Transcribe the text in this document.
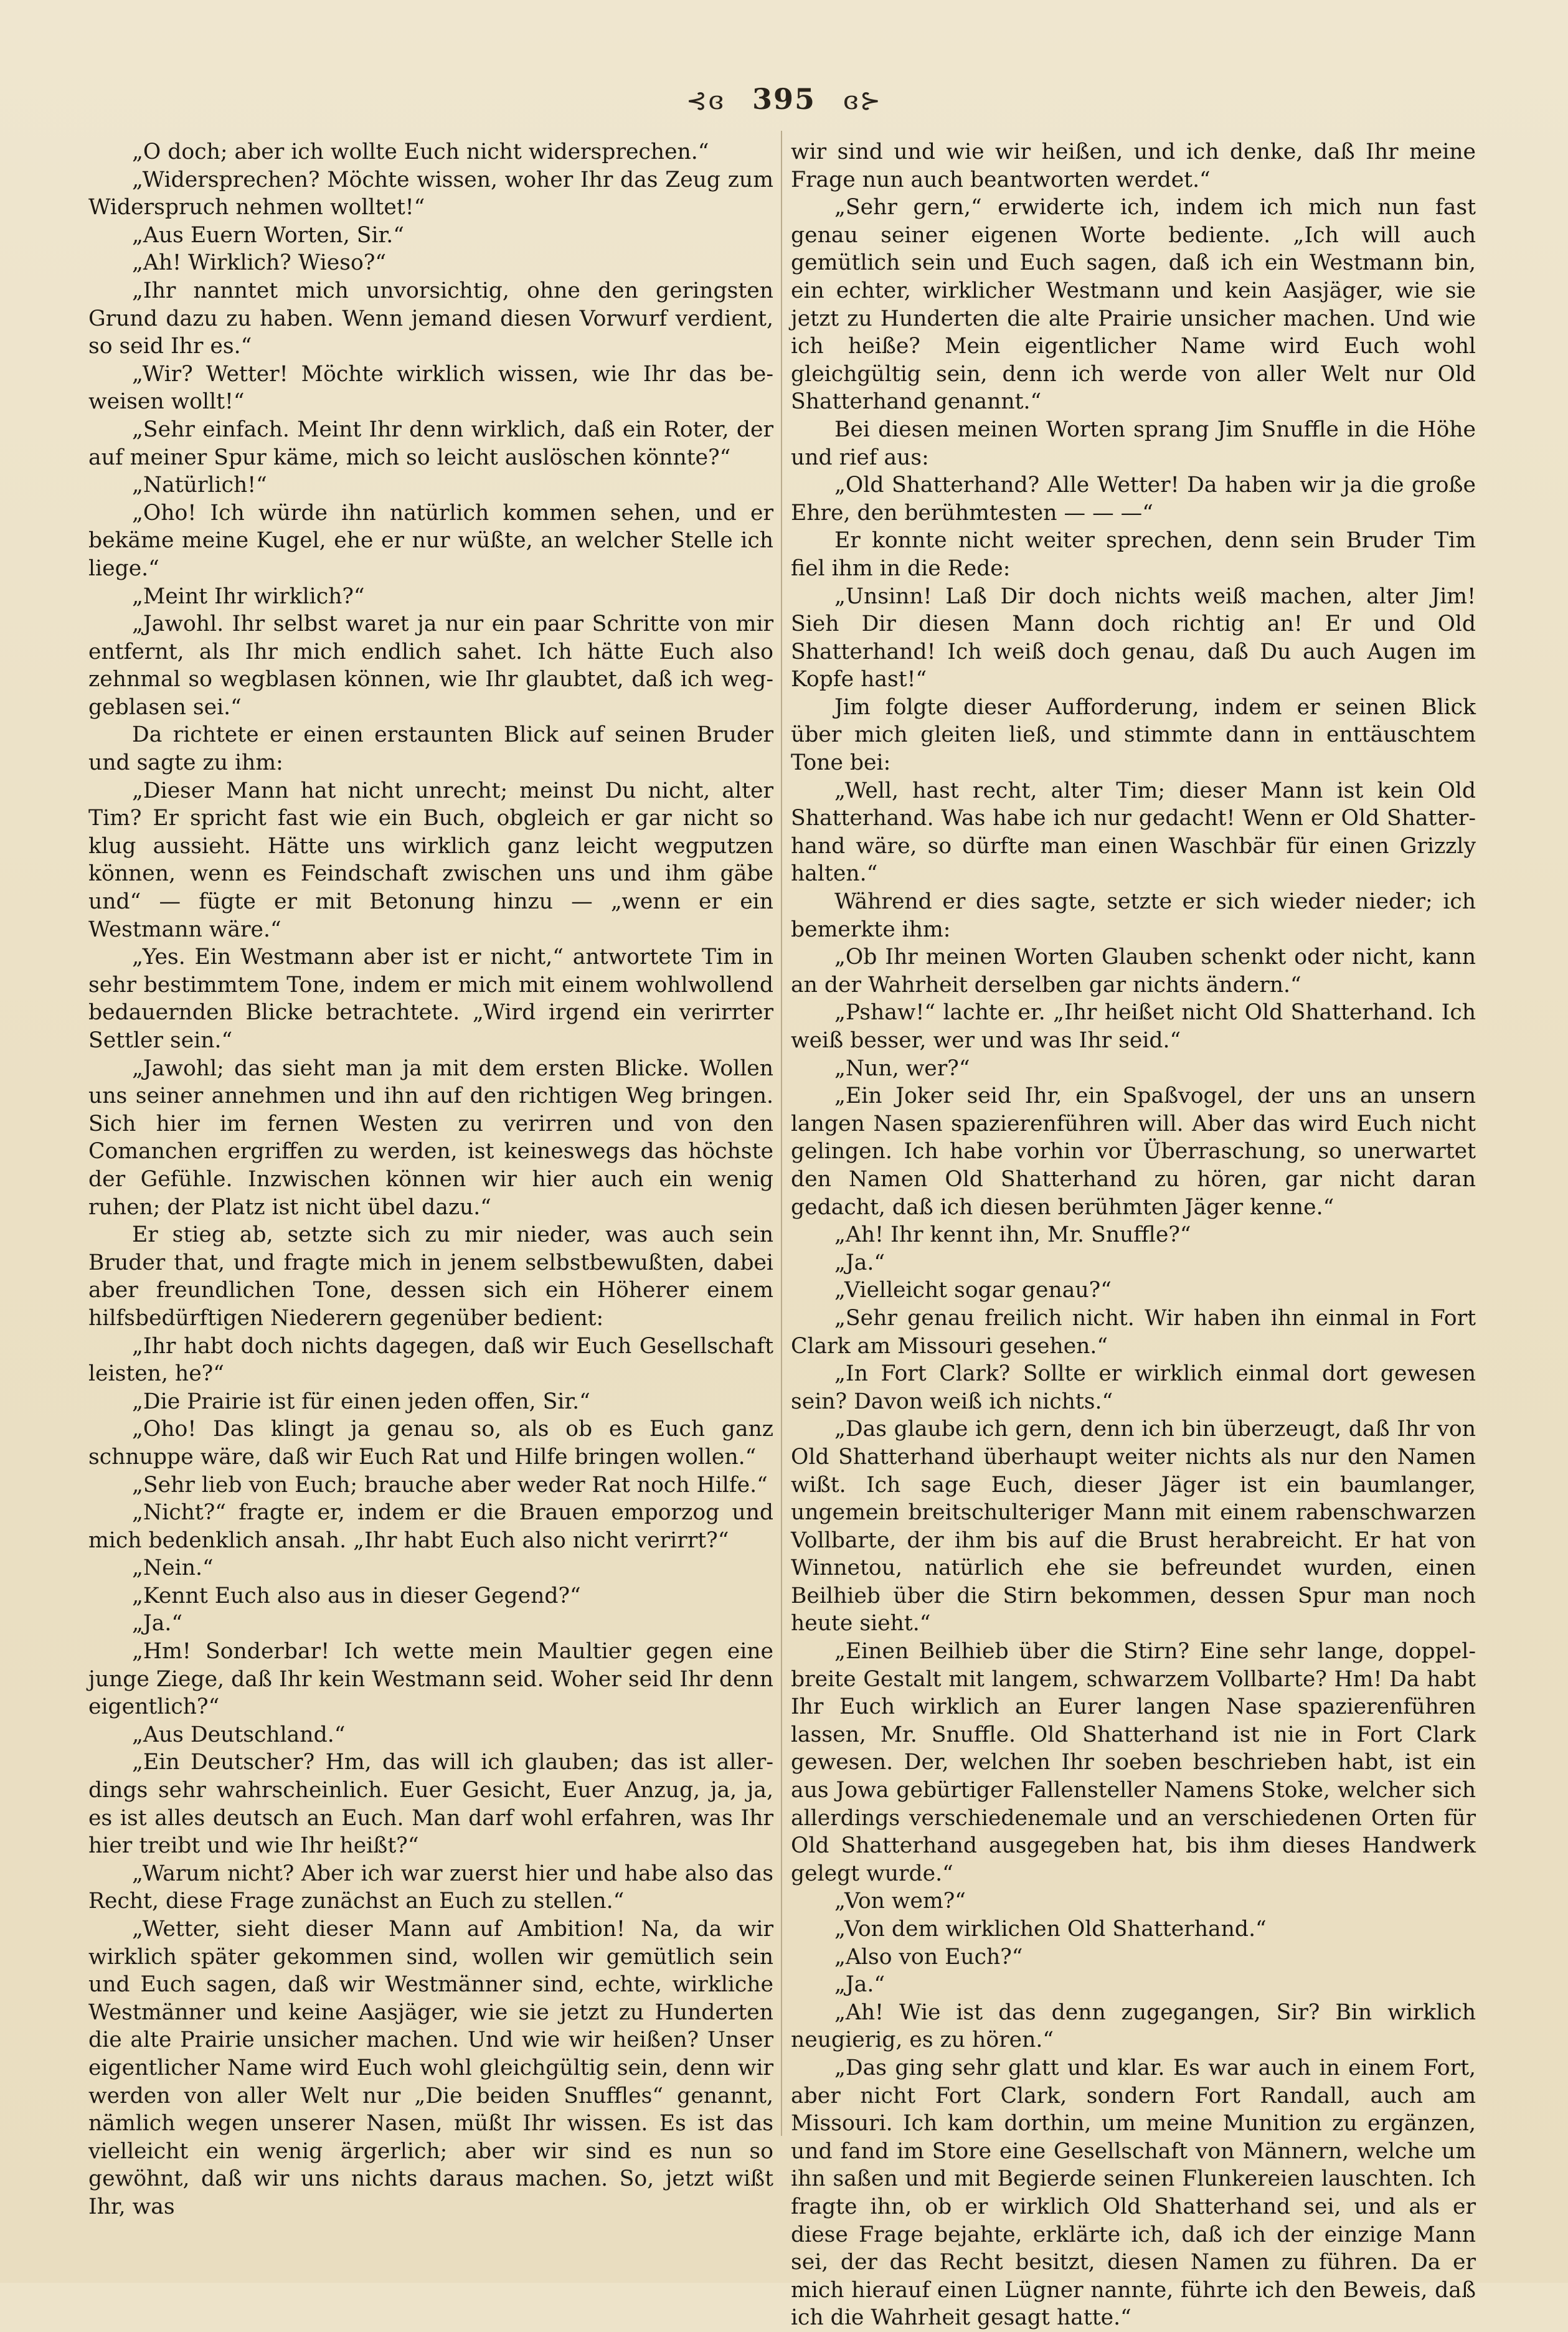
⊰ɞ 395 ɞ⊱

„O doch; aber ich wollte Euch nicht widersprechen.“

„Widersprechen? Möchte wissen, woher Ihr das Zeug zum Widerspruch nehmen wolltet!“

„Aus Euern Worten, Sir.“

„Ah! Wirklich? Wieso?“

„Ihr nanntet mich unvorsichtig, ohne den geringsten Grund dazu zu haben. Wenn jemand diesen Vorwurf verdient, so seid Ihr es.“

„Wir? Wetter! Möchte wirklich wissen, wie Ihr das beweisen wollt!“

„Sehr einfach. Meint Ihr denn wirklich, daß ein Roter, der auf meiner Spur käme, mich so leicht auslöschen könnte?“

„Natürlich!“

„Oho! Ich würde ihn natürlich kommen sehen, und er bekäme meine Kugel, ehe er nur wüßte, an welcher Stelle ich liege.“

„Meint Ihr wirklich?“

„Jawohl. Ihr selbst waret ja nur ein paar Schritte von mir entfernt, als Ihr mich endlich sahet. Ich hätte Euch also zehnmal so wegblasen können, wie Ihr glaubtet, daß ich weggeblasen sei.“

Da richtete er einen erstaunten Blick auf seinen Bruder und sagte zu ihm:

„Dieser Mann hat nicht unrecht; meinst Du nicht, alter Tim? Er spricht fast wie ein Buch, obgleich er gar nicht so klug aussieht. Hätte uns wirklich ganz leicht wegputzen können, wenn es Feindschaft zwischen uns und ihm gäbe und“ — fügte er mit Betonung hinzu — „wenn er ein Westmann wäre.“

„Yes. Ein Westmann aber ist er nicht,“ antwortete Tim in sehr bestimmtem Tone, indem er mich mit einem wohlwollend bedauernden Blicke betrachtete. „Wird irgend ein verirrter Settler sein.“

„Jawohl; das sieht man ja mit dem ersten Blicke. Wollen uns seiner annehmen und ihn auf den richtigen Weg bringen. Sich hier im fernen Westen zu verirren und von den Comanchen ergriffen zu werden, ist keineswegs das höchste der Gefühle. Inzwischen können wir hier auch ein wenig ruhen; der Platz ist nicht übel dazu.“

Er stieg ab, setzte sich zu mir nieder, was auch sein Bruder that, und fragte mich in jenem selbstbewußten, dabei aber freundlichen Tone, dessen sich ein Höherer einem hilfsbedürftigen Niederern gegenüber bedient:

„Ihr habt doch nichts dagegen, daß wir Euch Gesellschaft leisten, he?“

„Die Prairie ist für einen jeden offen, Sir.“

„Oho! Das klingt ja genau so, als ob es Euch ganz schnuppe wäre, daß wir Euch Rat und Hilfe bringen wollen.“

„Sehr lieb von Euch; brauche aber weder Rat noch Hilfe.“

„Nicht?“ fragte er, indem er die Brauen emporzog und mich bedenklich ansah. „Ihr habt Euch also nicht verirrt?“

„Nein.“

„Kennt Euch also aus in dieser Gegend?“

„Ja.“

„Hm! Sonderbar! Ich wette mein Maultier gegen eine junge Ziege, daß Ihr kein Westmann seid. Woher seid Ihr denn eigentlich?“

„Aus Deutschland.“

„Ein Deutscher? Hm, das will ich glauben; das ist allerdings sehr wahrscheinlich. Euer Gesicht, Euer Anzug, ja, ja, es ist alles deutsch an Euch. Man darf wohl erfahren, was Ihr hier treibt und wie Ihr heißt?“

„Warum nicht? Aber ich war zuerst hier und habe also das Recht, diese Frage zunächst an Euch zu stellen.“

„Wetter, sieht dieser Mann auf Ambition! Na, da wir wirklich später gekommen sind, wollen wir gemütlich sein und Euch sagen, daß wir Westmänner sind, echte, wirkliche Westmänner und keine Aasjäger, wie sie jetzt zu Hunderten die alte Prairie unsicher machen. Und wie wir heißen? Unser eigentlicher Name wird Euch wohl gleichgültig sein, denn wir werden von aller Welt nur „Die beiden Snuffles“ genannt, nämlich wegen unserer Nasen, müßt Ihr wissen. Es ist das vielleicht ein wenig ärgerlich; aber wir sind es nun so gewöhnt, daß wir uns nichts daraus machen. So, jetzt wißt Ihr, was

wir sind und wie wir heißen, und ich denke, daß Ihr meine Frage nun auch beantworten werdet.“

„Sehr gern,“ erwiderte ich, indem ich mich nun fast genau seiner eigenen Worte bediente. „Ich will auch gemütlich sein und Euch sagen, daß ich ein Westmann bin, ein echter, wirklicher Westmann und kein Aasjäger, wie sie jetzt zu Hunderten die alte Prairie unsicher machen. Und wie ich heiße? Mein eigentlicher Name wird Euch wohl gleichgültig sein, denn ich werde von aller Welt nur Old Shatterhand genannt.“

Bei diesen meinen Worten sprang Jim Snuffle in die Höhe und rief aus:

„Old Shatterhand? Alle Wetter! Da haben wir ja die große Ehre, den berühmtesten — — —“

Er konnte nicht weiter sprechen, denn sein Bruder Tim fiel ihm in die Rede:

„Unsinn! Laß Dir doch nichts weiß machen, alter Jim! Sieh Dir diesen Mann doch richtig an! Er und Old Shatterhand! Ich weiß doch genau, daß Du auch Augen im Kopfe hast!“

Jim folgte dieser Aufforderung, indem er seinen Blick über mich gleiten ließ, und stimmte dann in enttäuschtem Tone bei:

„Well, hast recht, alter Tim; dieser Mann ist kein Old Shatterhand. Was habe ich nur gedacht! Wenn er Old Shatterhand wäre, so dürfte man einen Waschbär für einen Grizzly halten.“

Während er dies sagte, setzte er sich wieder nieder; ich bemerkte ihm:

„Ob Ihr meinen Worten Glauben schenkt oder nicht, kann an der Wahrheit derselben gar nichts ändern.“

„Pshaw!“ lachte er. „Ihr heißet nicht Old Shatterhand. Ich weiß besser, wer und was Ihr seid.“

„Nun, wer?“

„Ein Joker seid Ihr, ein Spaßvogel, der uns an unsern langen Nasen spazierenführen will. Aber das wird Euch nicht gelingen. Ich habe vorhin vor Überraschung, so unerwartet den Namen Old Shatterhand zu hören, gar nicht daran gedacht, daß ich diesen berühmten Jäger kenne.“

„Ah! Ihr kennt ihn, Mr. Snuffle?“

„Ja.“

„Vielleicht sogar genau?“

„Sehr genau freilich nicht. Wir haben ihn einmal in Fort Clark am Missouri gesehen.“

„In Fort Clark? Sollte er wirklich einmal dort gewesen sein? Davon weiß ich nichts.“

„Das glaube ich gern, denn ich bin überzeugt, daß Ihr von Old Shatterhand überhaupt weiter nichts als nur den Namen wißt. Ich sage Euch, dieser Jäger ist ein baumlanger, ungemein breitschulteriger Mann mit einem rabenschwarzen Vollbarte, der ihm bis auf die Brust herabreicht. Er hat von Winnetou, natürlich ehe sie befreundet wurden, einen Beilhieb über die Stirn bekommen, dessen Spur man noch heute sieht.“

„Einen Beilhieb über die Stirn? Eine sehr lange, doppelbreite Gestalt mit langem, schwarzem Vollbarte? Hm! Da habt Ihr Euch wirklich an Eurer langen Nase spazierenführen lassen, Mr. Snuffle. Old Shatterhand ist nie in Fort Clark gewesen. Der, welchen Ihr soeben beschrieben habt, ist ein aus Jowa gebürtiger Fallensteller Namens Stoke, welcher sich allerdings verschiedenemale und an verschiedenen Orten für Old Shatterhand ausgegeben hat, bis ihm dieses Handwerk gelegt wurde.“

„Von wem?“

„Von dem wirklichen Old Shatterhand.“

„Also von Euch?“

„Ja.“

„Ah! Wie ist das denn zugegangen, Sir? Bin wirklich neugierig, es zu hören.“

„Das ging sehr glatt und klar. Es war auch in einem Fort, aber nicht Fort Clark, sondern Fort Randall, auch am Missouri. Ich kam dorthin, um meine Munition zu ergänzen, und fand im Store eine Gesellschaft von Männern, welche um ihn saßen und mit Begierde seinen Flunkereien lauschten. Ich fragte ihn, ob er wirklich Old Shatterhand sei, und als er diese Frage bejahte, erklärte ich, daß ich der einzige Mann sei, der das Recht besitzt, diesen Namen zu führen. Da er mich hierauf einen Lügner nannte, führte ich den Beweis, daß ich die Wahrheit gesagt hatte.“
